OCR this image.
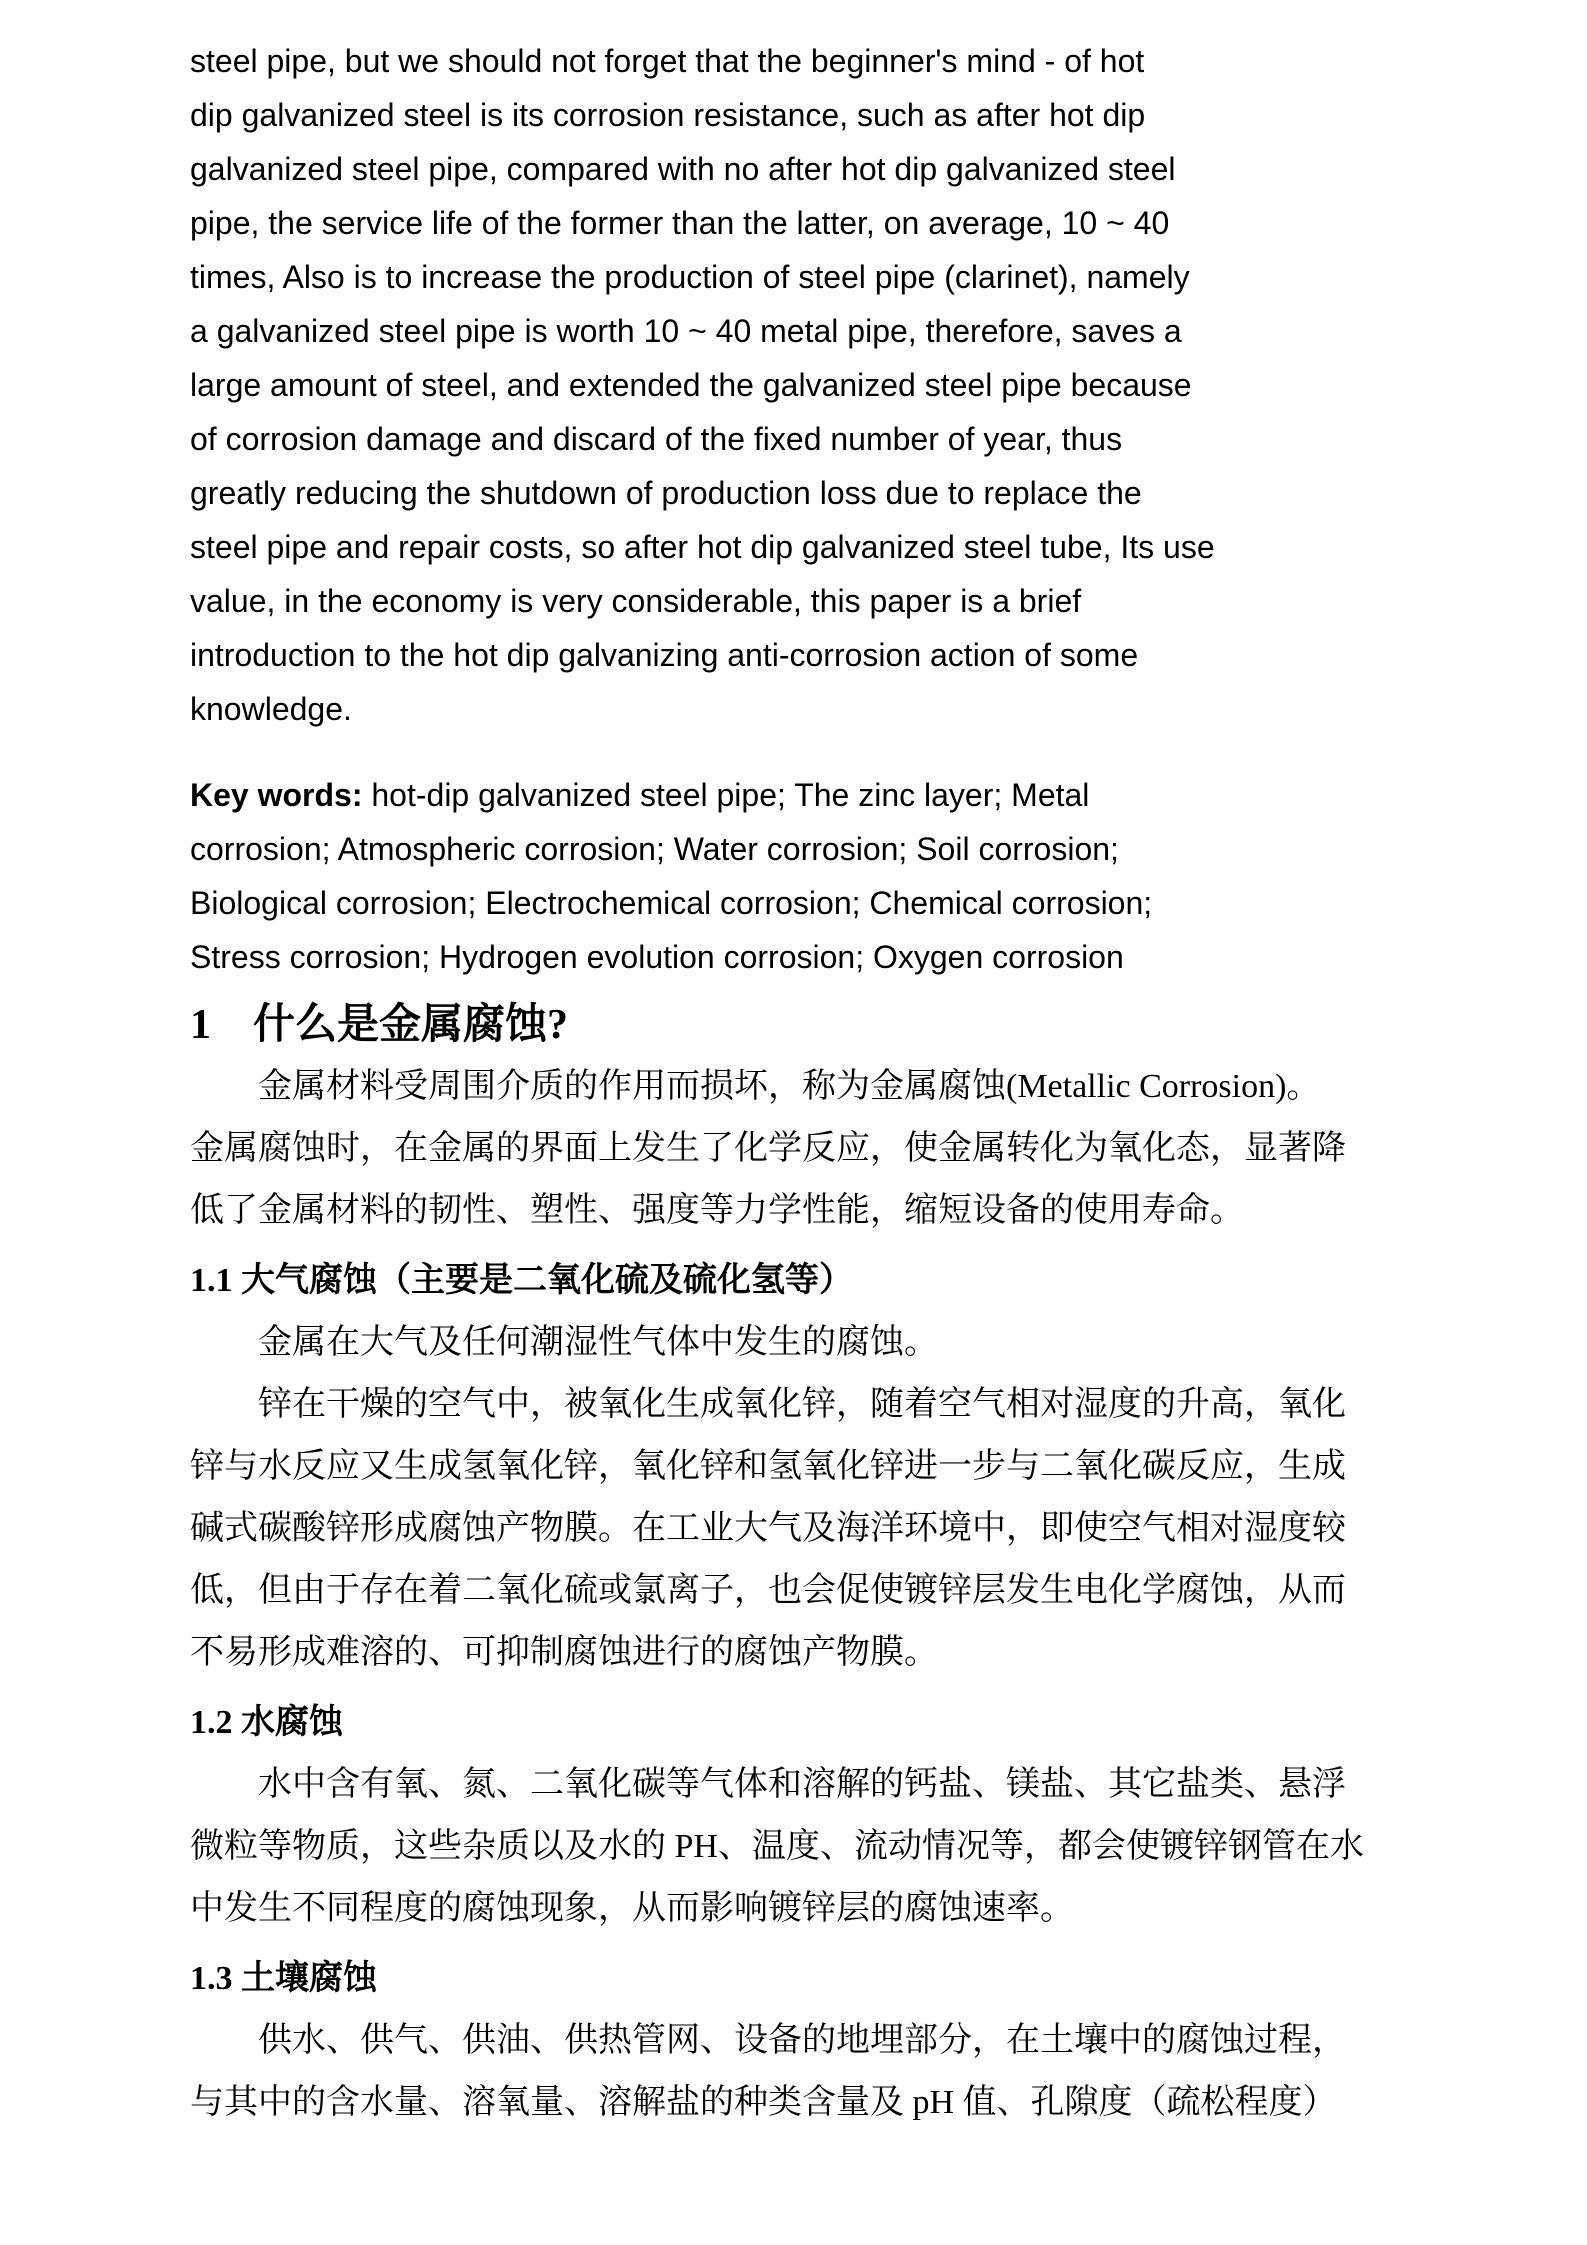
steel pipe, but we should not forget that the beginner's mind - of hot
dip galvanized steel is its corrosion resistance, such as after hot dip
galvanized steel pipe, compared with no after hot dip galvanized steel
pipe, the service life of the former than the latter, on average, 10 ~ 40
times, Also is to increase the production of steel pipe (clarinet), namely
a galvanized steel pipe is worth 10 ~ 40 metal pipe, therefore, saves a
large amount of steel, and extended the galvanized steel pipe because
of corrosion damage and discard of the fixed number of year, thus
greatly reducing the shutdown of production loss due to replace the
steel pipe and repair costs, so after hot dip galvanized steel tube, Its use
value, in the economy is very considerable, this paper is a brief
introduction to the hot dip galvanizing anti-corrosion action of some
knowledge.
Key words: hot-dip galvanized steel pipe; The zinc layer; Metal
corrosion; Atmospheric corrosion; Water corrosion; Soil corrosion;
Biological corrosion; Electrochemical corrosion; Chemical corrosion;
Stress corrosion; Hydrogen evolution corrosion; Oxygen corrosion
1　什么是金属腐蚀?
金属材料受周围介质的作用而损坏，称为金属腐蚀(Metallic Corrosion)。
金属腐蚀时，在金属的界面上发生了化学反应，使金属转化为氧化态，显著降
低了金属材料的韧性、塑性、强度等力学性能，缩短设备的使用寿命。
1.1 大气腐蚀（主要是二氧化硫及硫化氢等）
金属在大气及任何潮湿性气体中发生的腐蚀。
锌在干燥的空气中，被氧化生成氧化锌，随着空气相对湿度的升高，氧化
锌与水反应又生成氢氧化锌，氧化锌和氢氧化锌进一步与二氧化碳反应，生成
碱式碳酸锌形成腐蚀产物膜。在工业大气及海洋环境中，即使空气相对湿度较
低，但由于存在着二氧化硫或氯离子，也会促使镀锌层发生电化学腐蚀，从而
不易形成难溶的、可抑制腐蚀进行的腐蚀产物膜。
1.2 水腐蚀
水中含有氧、氮、二氧化碳等气体和溶解的钙盐、镁盐、其它盐类、悬浮
微粒等物质，这些杂质以及水的 PH、温度、流动情况等，都会使镀锌钢管在水
中发生不同程度的腐蚀现象，从而影响镀锌层的腐蚀速率。
1.3 土壤腐蚀
供水、供气、供油、供热管网、设备的地埋部分，在土壤中的腐蚀过程，
与其中的含水量、溶氧量、溶解盐的种类含量及 pH 值、孔隙度（疏松程度）
